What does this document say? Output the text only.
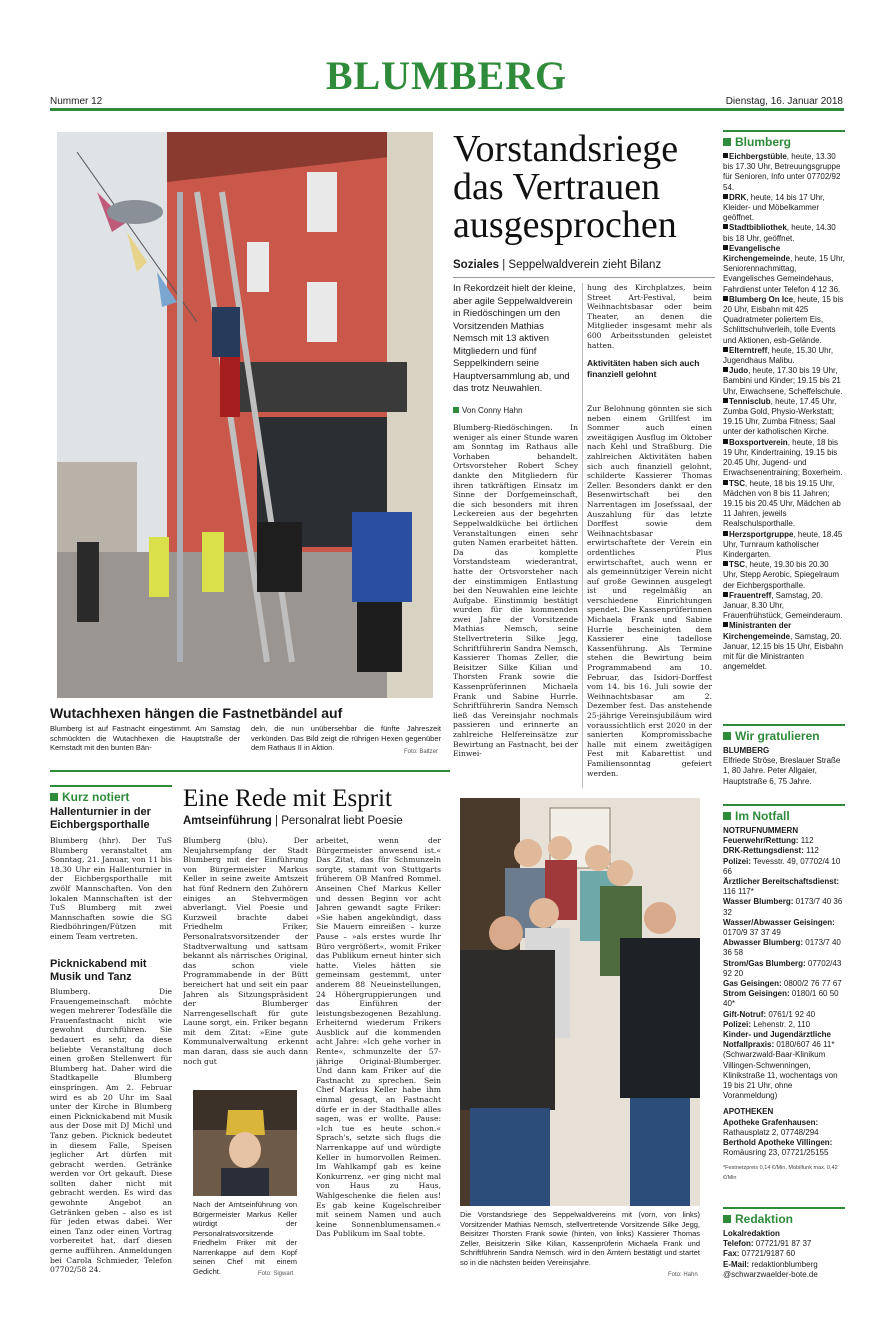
BLUMBERG
Nummer 12	Dienstag, 16. Januar 2018
Wutachhexen hängen die Fastnetbändel auf
Blumberg ist auf Fastnacht eingestimmt. Am Samstag schmückten die Wutachhexen die Hauptstraße der Kernstadt mit den bunten Bän-
deln, die nun unübersehbar die fünfte Jahreszeit verkünden. Das Bild zeigt die rührigen Hexen gegenüber dem Rathaus II in Aktion.	Foto: Baltzer
Vorstandsriege das Vertrauen ausgesprochen
Soziales | Seppelwaldverein zieht Bilanz
In Rekordzeit hielt der kleine, aber agile Seppelwaldverein in Riedöschingen um den Vorsitzenden Mathias Nemsch mit 13 aktiven Mitgliedern und fünf Seppelkindern seine Hauptversammlung ab, und das trotz Neuwahlen.
Von Conny Hahn
Blumberg-Riedöschingen. In weniger als einer Stunde waren am Sonntag im Rathaus alle Vorhaben behandelt. Ortsvorsteher Robert Schey dankte den Mitgliedern für ihren tatkräftigen Einsatz im Sinne der Dorfgemeinschaft, die sich besonders mit ihren Leckereien aus der begehrten Seppelwaldküche bei örtlichen Veranstaltungen einen sehr guten Namen erarbeitet hätten. Da das komplette Vorstandsteam wiederantrat, hatte der Ortsvorsteher nach der einstimmigen Entlastung bei den Neuwahlen eine leichte Aufgabe. Einstimmig bestätigt wurden für die kommenden zwei Jahre der Vorsitzende Mathias Nemsch, seine Stellvertreterin Silke Jegg, Schriftführerin Sandra Nemsch, Kassierer Thomas Zeller, die Beisitzer Silke Kilian und Thorsten Frank sowie die Kassenprüferinnen Michaela Frank und Sabine Hurrle. Schriftführerin Sandra Nemsch ließ das Vereinsjahr nochmals passieren und erinnerte an zahlreiche Helfereinsätze zur Bewirtung an Fastnacht, bei der Einwei-
hung des Kirchplatzes, beim Street Art-Festival, beim Weihnachtsbasar oder beim Theater, an denen die Mitglieder insgesamt mehr als 600 Arbeitsstunden geleistet hatten.
Aktivitäten haben sich auch finanziell gelohnt
Zur Belohnung gönnten sie sich neben einem Grillfest im Sommer auch einen zweitägigen Ausflug im Oktober nach Kehl und Straßburg. Die zahlreichen Aktivitäten haben sich auch finanziell gelohnt, schilderte Kassierer Thomas Zeller. Besonders dankt er den Besenwirtschaft bei den Narrentagen im Josefssaal, der Auszahlung für das letzte Dorffest sowie dem Weihnachtsbasar erwirtschaftete der Verein ein ordentliches Plus erwirtschaftet, auch wenn er als gemeinnütziger Verein nicht auf große Gewinnen ausgelegt ist und regelmäßig an verschiedene Einrichtungen spendet. Die Kassenprüferinnen Michaela Frank und Sabine Hurrle bescheinigten dem Kassierer eine tadellose Kassenführung. Als Termine stehen die Bewirtung beim Programmabend am 10. Februar, das Isidori-Dorffest vom 14. bis 16. Juli sowie der Weihnachtsbasar am 2. Dezember fest. Das anstehende 25-jährige Vereinsjubiläum wird voraussichtlich erst 2020 in der sanierten Kompromissbache halle mit einem zweitägigen Fest mit Kabarettist und Familiensonntag gefeiert werden.
Kurz notiert
Hallenturnier in der Eichbergsporthalle
Blumberg (hhr). Der TuS Blumberg veranstaltet am Sonntag, 21. Januar, von 11 bis 18.30 Uhr ein Hallenturnier in der Eichbergsporthalle mit zwölf Mannschaften. Von den lokalen Mannschaften ist der TuS Blumberg mit zwei Mannschaften sowie die SG Riedböhringen/Fützen mit einem Team vertreten.
Picknickabend mit Musik und Tanz
Blumberg. Die Frauengemeinschaft möchte wegen mehrerer Todesfälle die Frauenfastnacht nicht wie gewohnt durchführen. Sie bedauert es sehr, da diese beliebte Veranstaltung doch einen großen Stellenwert für Blumberg hat. Daher wird die Stadtkapelle Blumberg einspringen. Am 2. Februar wird es ab 20 Uhr im Saal unter der Kirche in Blumberg einen Picknickabend mit Musik aus der Dose mit DJ Michl und Tanz geben. Picknick bedeutet in diesem Falle, Speisen jeglicher Art dürfen mit gebracht werden. Getränke werden vor Ort gekauft. Diese sollten daher nicht mit gebracht werden. Es wird das gewohnte Angebot an Getränken geben – also es ist für jeden etwas dabei. Wer einen Tanz oder einen Vortrag vorbereitet hat, darf diesen gerne aufführen. Anmeldungen bei Carola Schmieder, Telefon 07702/58 24.
Eine Rede mit Esprit
Amtseinführung | Personalrat liebt Poesie
Blumberg (blu). Der Neujahrsempfang der Stadt Blumberg mit der Einführung von Bürgermeister Markus Keller in seine zweite Amtszeit hat fünf Rednern den Zuhörern einiges an Stehvermögen abverlangt. Viel Poesie und Kurzweil brachte dabei Friedhelm Friker, Personalratsvorsitzender der Stadtverwaltung und sattsam bekannt als närrisches Original, das schon viele Programmabende in der Bütt bereichert hat und seit ein paar Jahren als Sitzungspräsident der Blumberger Narrengesellschaft für gute Laune sorgt, ein. Friker begann mit dem Zitat: »Eine gute Kommunalverwaltung erkennt man daran, dass sie auch dann noch gut
Nach der Amtseinführung von Bürgermeister Markus Keller würdigt der Personalratsvorsitzende Friedhelm Friker mit der Narrenkappe auf dem Kopf seinen Chef mit einem Gedicht.	Foto: Sigwart
arbeitet, wenn der Bürgermeister anwesend ist.« Das Zitat, das für Schmunzeln sorgte, stammt von Stuttgarts früherem OB Manfred Rommel. Anseinen Chef Markus Keller und dessen Beginn vor acht Jahren gewandt sagte Friker: »Sie haben angekündigt, dass Sie Mauern einreißen – kurze Pause – »als erstes wurde Ihr Büro vergrößert«, womit Friker das Publikum erneut hinter sich hatte. Vieles hätten sie gemeinsam gestemmt, unter anderem 88 Neueinstellungen, 24 Höhergruppierungen und das Einführen der leistungsbezogenen Bezahlung. Erheiternd wiederum Frikers Ausblick auf die kommenden acht Jahre: »Ich gehe vorher in Rente«, schmunzelte der 57-jährige Original-Blumberger. Und dann kam Friker auf die Fastnacht zu sprechen. Sein Chef Markus Keller habe ihm einmal gesagt, an Fastnacht dürfe er in der Stadthalle alles sagen, was er wollte. Pause: »Ich tue es heute schon.« Sprach's, setzte sich flugs die Narrenkappe auf und würdigte Keller in humorvollen Reimen. Im Wahlkampf gab es keine Konkurrenz, »er ging nicht mal von Haus zu Haus, Wahlgeschenke die fielen aus! Es gab keine Kugelschreiber mit seinem Namen und auch keine Sonnenblumensamen.« Das Publikum im Saal tobte.
Die Vorstandsriege des Seppelwaldvereins mit (vorn, von links) Vorsitzender Mathias Nemsch, stellvertretende Vorsitzende Silke Jegg, Beisitzer Thorsten Frank sowie (hinten, von links) Kassierer Thomas Zeller, Beisitzerin Silke Kilian, Kassenprüferin Michaela Frank und Schriftführerin Sandra Nemsch. wird in den Ämtern bestätigt und startet so in die nächsten beiden Vereinsjahre.
Foto: Hahn
Blumberg
Eichbergstüble, heute, 13.30 bis 17.30 Uhr, Betreuungsgruppe für Senioren, Info unter 07702/92 54.
DRK, heute, 14 bis 17 Uhr, Kleider- und Möbelkammer geöffnet.
Stadtbibliothek, heute, 14.30 bis 18 Uhr, geöffnet.
Evangelische Kirchengemeinde, heute, 15 Uhr, Seniorennachmittag, Evangelisches Gemeindehaus, Fahrdienst unter Telefon 4 12 36.
Blumberg On Ice, heute, 15 bis 20 Uhr, Eisbahn mit 425 Quadratmeter poliertem Eis, Schlittschuhverleih, tolle Events und Aktionen, esb-Gelände.
Elterntreff, heute, 15.30 Uhr, Jugendhaus Malibu.
Judo, heute, 17.30 bis 19 Uhr, Bambini und Kinder; 19.15 bis 21 Uhr, Erwachsene, Scheffelschule.
Tennisclub, heute, 17.45 Uhr, Zumba Gold, Physio-Werkstatt; 19.15 Uhr, Zumba Fitness; Saal unter der katholischen Kirche.
Boxsportverein, heute, 18 bis 19 Uhr, Kindertraining, 19.15 bis 20.45 Uhr, Jugend- und Erwachsenentraining; Boxerheim.
TSC, heute, 18 bis 19.15 Uhr, Mädchen von 8 bis 11 Jahren; 19.15 bis 20.45 Uhr, Mädchen ab 11 Jahren, jeweils Realschulsporthalle.
Herzsportgruppe, heute, 18.45 Uhr, Turnraum katholischer Kindergarten.
TSC, heute, 19.30 bis 20.30 Uhr, Stepp Aerobic, Spiegelraum der Eichbergsporthalle.
Frauentreff, Samstag, 20. Januar, 8.30 Uhr, Frauenfrühstück, Gemeinderaum.
Ministranten der Kirchengemeinde, Samstag, 20. Januar, 12.15 bis 15 Uhr, Eisbahn mit für die Ministranten angemeldet.
Wir gratulieren
BLUMBERG
Elfriede Ströse, Breslauer Straße 1, 80 Jahre. Peter Allgaier, Hauptstraße 6, 75 Jahre.
Im Notfall
NOTRUFNUMMERN
Feuerwehr/Rettung: 112
DRK-Rettungsdienst: 112
Polizei: Tevesstr. 49, 07702/4 10 66
Ärztlicher Bereitschaftsdienst: 116 117*
Wasser Blumberg: 0173/7 40 36 32
Wasser/Abwasser Geisingen: 0170/9 37 37 49
Abwasser Blumberg: 0173/7 40 36 58
Strom/Gas Blumberg: 07702/43 92 20
Gas Geisingen: 0800/2 76 77 67
Strom Geisingen: 0180/1 60 50 40*
Gift-Notruf: 0761/1 92 40
Polizei: Lehenstr. 2, 110
Kinder- und Jugendärztliche Notfallpraxis: 0180/607 46 11* (Schwarzwald-Baar-Klinikum Villingen-Schwenningen, Klinikstraße 11, wochentags von 19 bis 21 Uhr, ohne Voranmeldung)
APOTHEKEN
Apotheke Grafenhausen: Rathausplatz 2, 07748/294
Berthold Apotheke Villingen: Romäusring 23, 07721/25155
*Festnetzpreis 0,14 €/Min, Mobilfunk max. 0,42 €/Min
Redaktion
Lokalredaktion
Telefon: 07721/91 87 37
Fax: 07721/9187 60
E-Mail: redaktionblumberg @schwarzwaelder-bote.de
